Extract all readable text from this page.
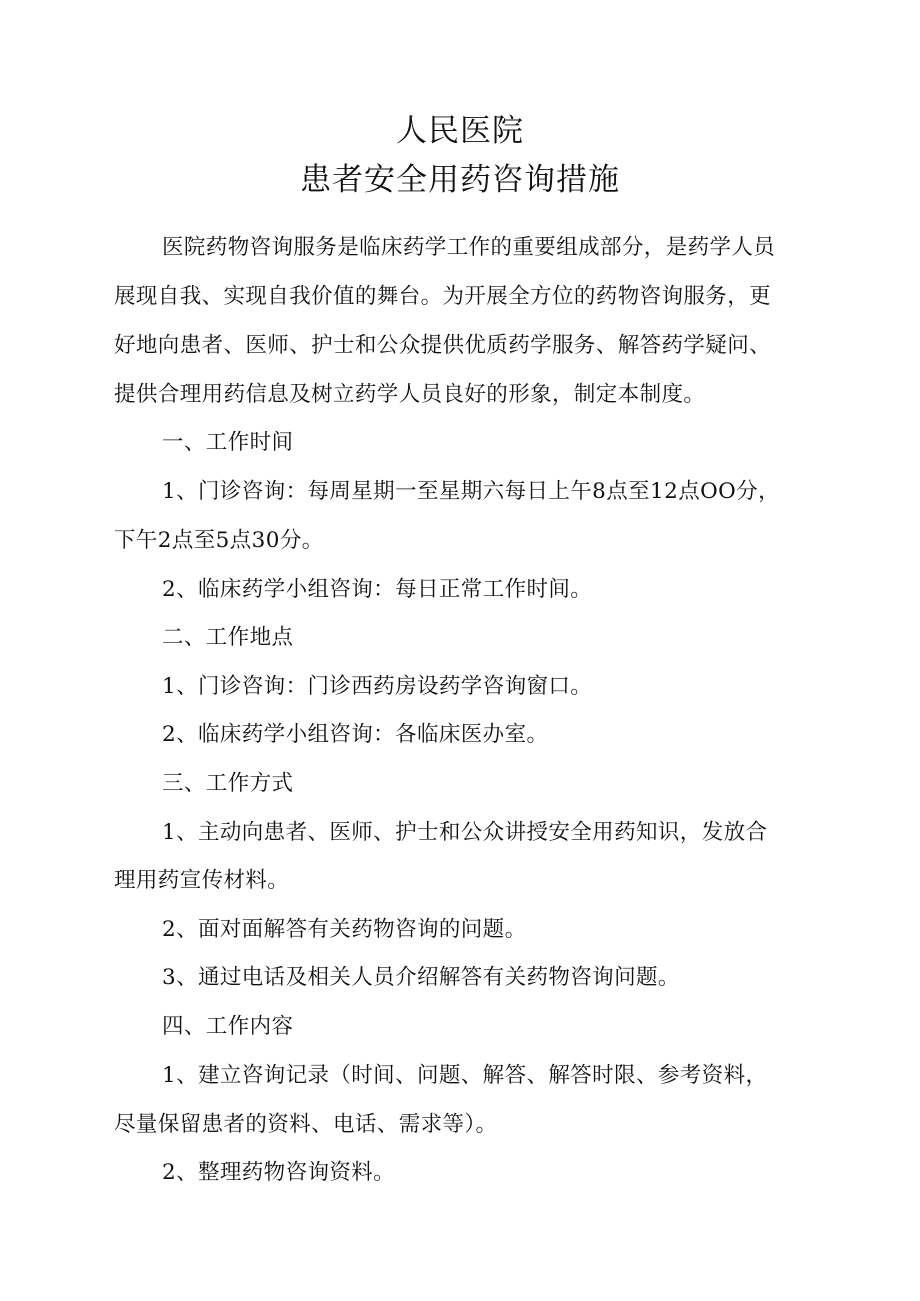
人民医院
患者安全用药咨询措施
医院药物咨询服务是临床药学工作的重要组成部分，是药学人员
展现自我、实现自我价值的舞台。为开展全方位的药物咨询服务，更
好地向患者、医师、护士和公众提供优质药学服务、解答药学疑问、
提供合理用药信息及树立药学人员良好的形象，制定本制度。
一、工作时间
1、门诊咨询：每周星期一至星期六每日上午8点至12点OO分，
下午2点至5点30分。
2、临床药学小组咨询：每日正常工作时间。
二、工作地点
1、门诊咨询：门诊西药房设药学咨询窗口。
2、临床药学小组咨询：各临床医办室。
三、工作方式
1、主动向患者、医师、护士和公众讲授安全用药知识，发放合
理用药宣传材料。
2、面对面解答有关药物咨询的问题。
3、通过电话及相关人员介绍解答有关药物咨询问题。
四、工作内容
1、建立咨询记录（时间、问题、解答、解答时限、参考资料，
尽量保留患者的资料、电话、需求等）。
2、整理药物咨询资料。
